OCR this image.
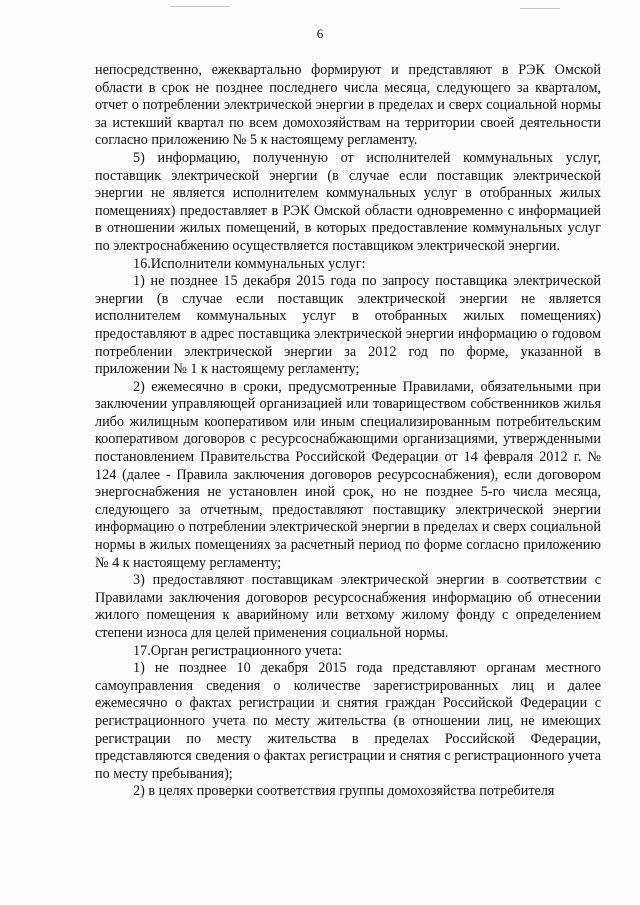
6

непосредственно, ежеквартально формируют и представляют в РЭК Омской области в срок не позднее последнего числа месяца, следующего за кварталом, отчет о потреблении электрической энергии в пределах и сверх социальной нормы за истекший квартал по всем домохозяйствам на территории своей деятельности согласно приложению № 5 к настоящему регламенту.

5) информацию, полученную от исполнителей коммунальных услуг, поставщик электрической энергии (в случае если поставщик электрической энергии не является исполнителем коммунальных услуг в отобранных жилых помещениях) предоставляет в РЭК Омской области одновременно с информацией в отношении жилых помещений, в которых предоставление коммунальных услуг по электроснабжению осуществляется поставщиком электрической энергии.

16.Исполнители коммунальных услуг:

1) не позднее 15 декабря 2015 года по запросу поставщика электрической энергии (в случае если поставщик электрической энергии не является исполнителем коммунальных услуг в отобранных жилых помещениях) предоставляют в адрес поставщика электрической энергии информацию о годовом потреблении электрической энергии за 2012 год по форме, указанной в приложении № 1 к настоящему регламенту;

2) ежемесячно в сроки, предусмотренные Правилами, обязательными при заключении управляющей организацией или товариществом собственников жилья либо жилищным кооперативом или иным специализированным потребительским кооперативом договоров с ресурсоснабжающими организациями, утвержденными постановлением Правительства Российской Федерации от 14 февраля 2012 г. № 124 (далее - Правила заключения договоров ресурсоснабжения), если договором энергоснабжения не установлен иной срок, но не позднее 5-го числа месяца, следующего за отчетным, предоставляют поставщику электрической энергии информацию о потреблении электрической энергии в пределах и сверх социальной нормы в жилых помещениях за расчетный период по форме согласно приложению № 4 к настоящему регламенту;

3) предоставляют поставщикам электрической энергии в соответствии с Правилами заключения договоров ресурсоснабжения информацию об отнесении жилого помещения к аварийному или ветхому жилому фонду с определением степени износа для целей применения социальной нормы.

17.Орган регистрационного учета:

1) не позднее 10 декабря 2015 года представляют органам местного самоуправления сведения о количестве зарегистрированных лиц и далее ежемесячно о фактах регистрации и снятия граждан Российской Федерации с регистрационного учета по месту жительства (в отношении лиц, не имеющих регистрации по месту жительства в пределах Российской Федерации, представляются сведения о фактах регистрации и снятия с регистрационного учета по месту пребывания);

2) в целях проверки соответствия группы домохозяйства потребителя
